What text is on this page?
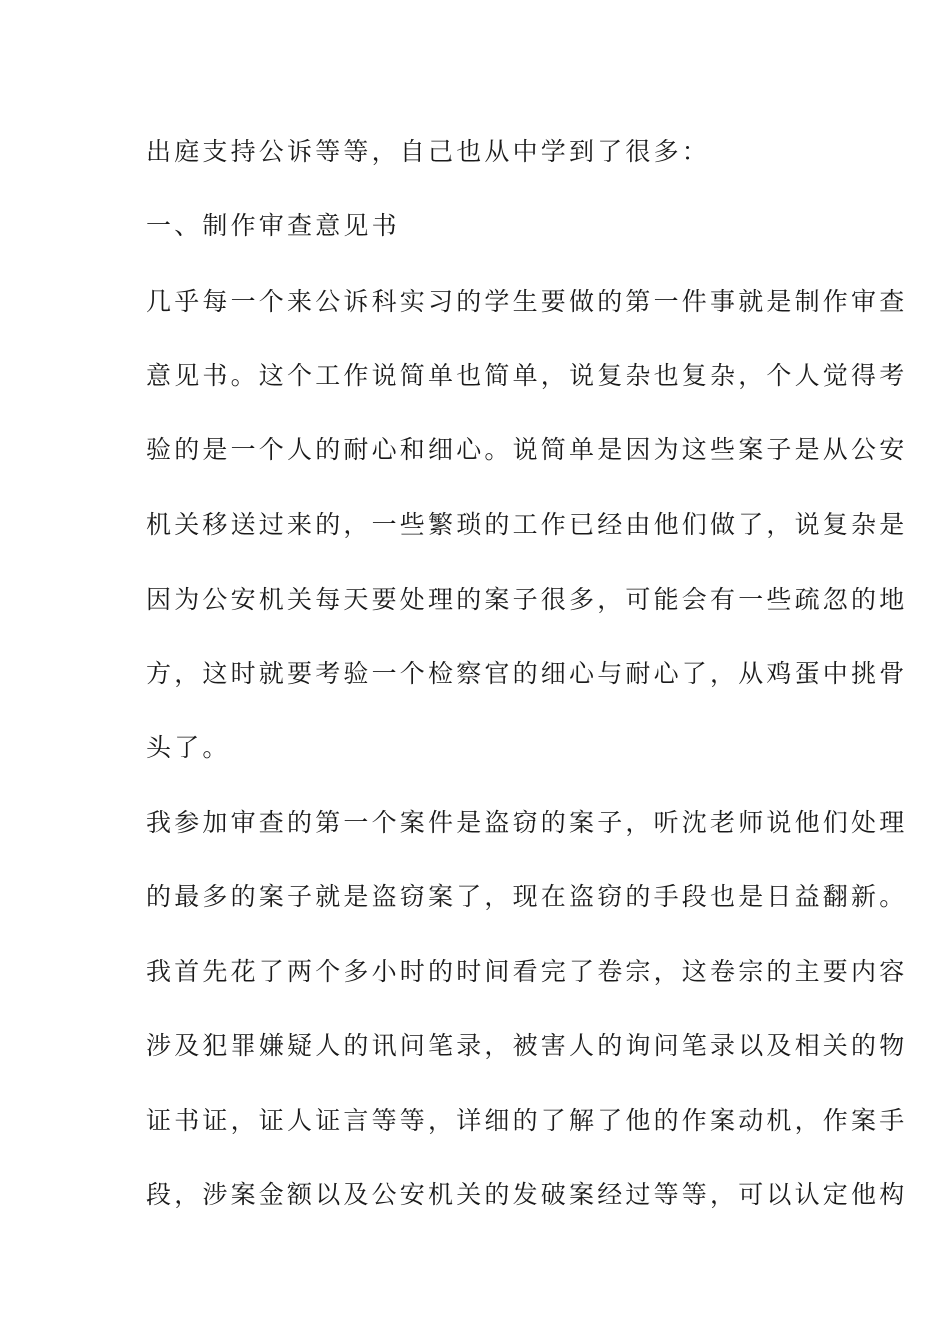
出庭支持公诉等等，自己也从中学到了很多：
一、制作审查意见书
几乎每一个来公诉科实习的学生要做的第一件事就是制作审查
意见书。这个工作说简单也简单，说复杂也复杂，个人觉得考
验的是一个人的耐心和细心。说简单是因为这些案子是从公安
机关移送过来的，一些繁琐的工作已经由他们做了，说复杂是
因为公安机关每天要处理的案子很多，可能会有一些疏忽的地
方，这时就要考验一个检察官的细心与耐心了，从鸡蛋中挑骨
头了。
我参加审查的第一个案件是盗窃的案子，听沈老师说他们处理
的最多的案子就是盗窃案了，现在盗窃的手段也是日益翻新。
我首先花了两个多小时的时间看完了卷宗，这卷宗的主要内容
涉及犯罪嫌疑人的讯问笔录，被害人的询问笔录以及相关的物
证书证，证人证言等等，详细的了解了他的作案动机，作案手
段，涉案金额以及公安机关的发破案经过等等，可以认定他构
